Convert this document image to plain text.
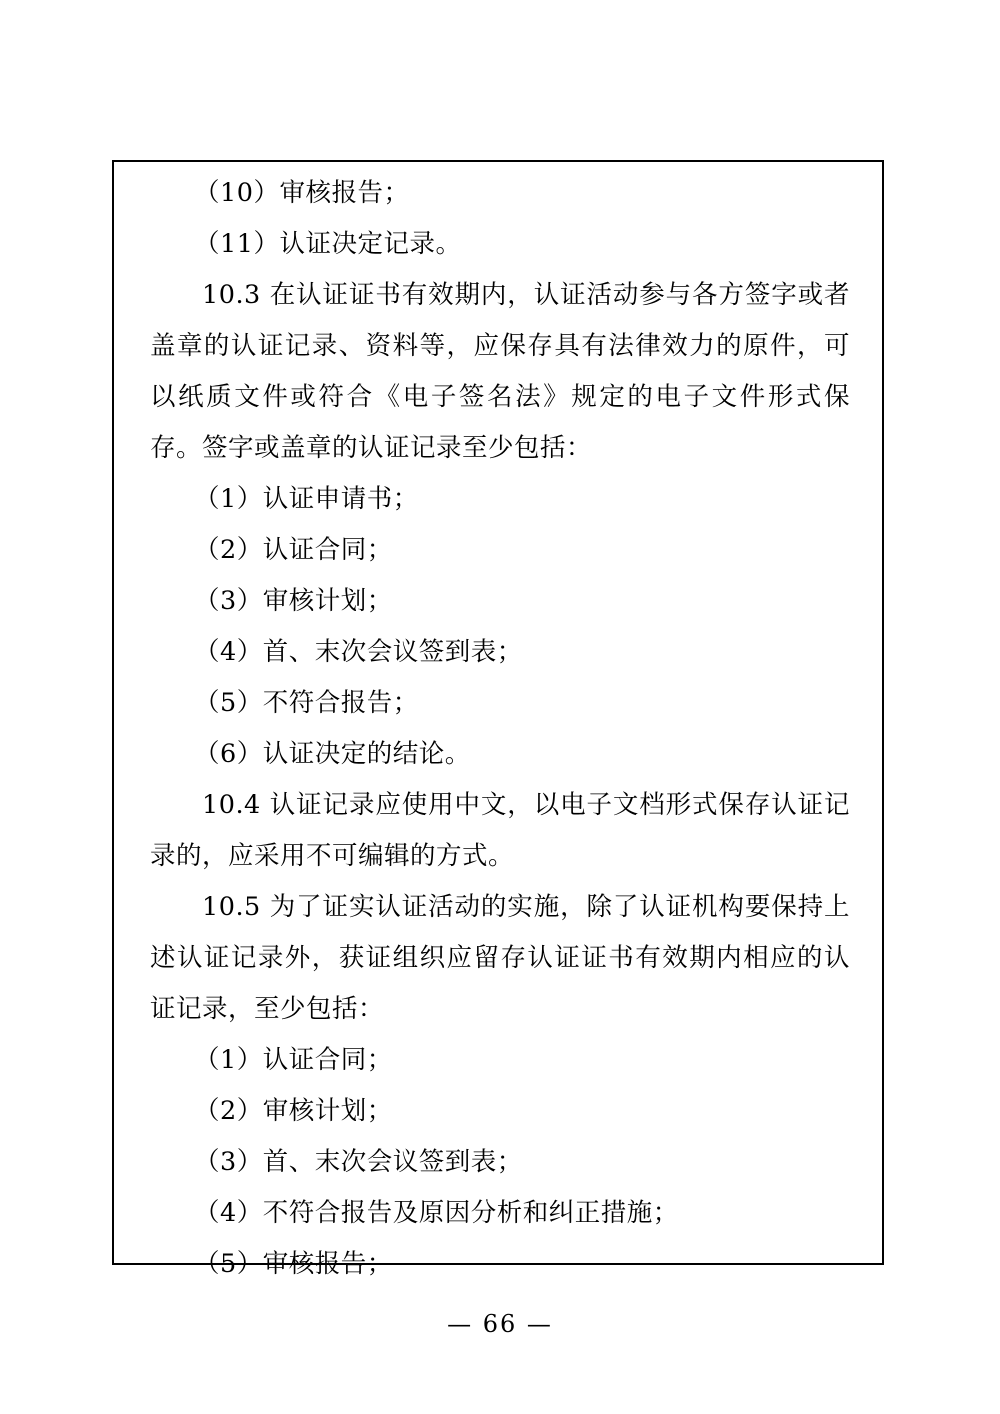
（10）审核报告；

（11）认证决定记录。

10.3 在认证证书有效期内，认证活动参与各方签字或者盖章的认证记录、资料等，应保存具有法律效力的原件，可以纸质文件或符合《电子签名法》规定的电子文件形式保存。签字或盖章的认证记录至少包括：

（1）认证申请书；

（2）认证合同；

（3）审核计划；

（4）首、末次会议签到表；

（5）不符合报告；

（6）认证决定的结论。

10.4 认证记录应使用中文，以电子文档形式保存认证记录的，应采用不可编辑的方式。

10.5 为了证实认证活动的实施，除了认证机构要保持上述认证记录外，获证组织应留存认证证书有效期内相应的认证记录，至少包括：

（1）认证合同；

（2）审核计划；

（3）首、末次会议签到表；

（4）不符合报告及原因分析和纠正措施；

（5）审核报告；

— 66 —
